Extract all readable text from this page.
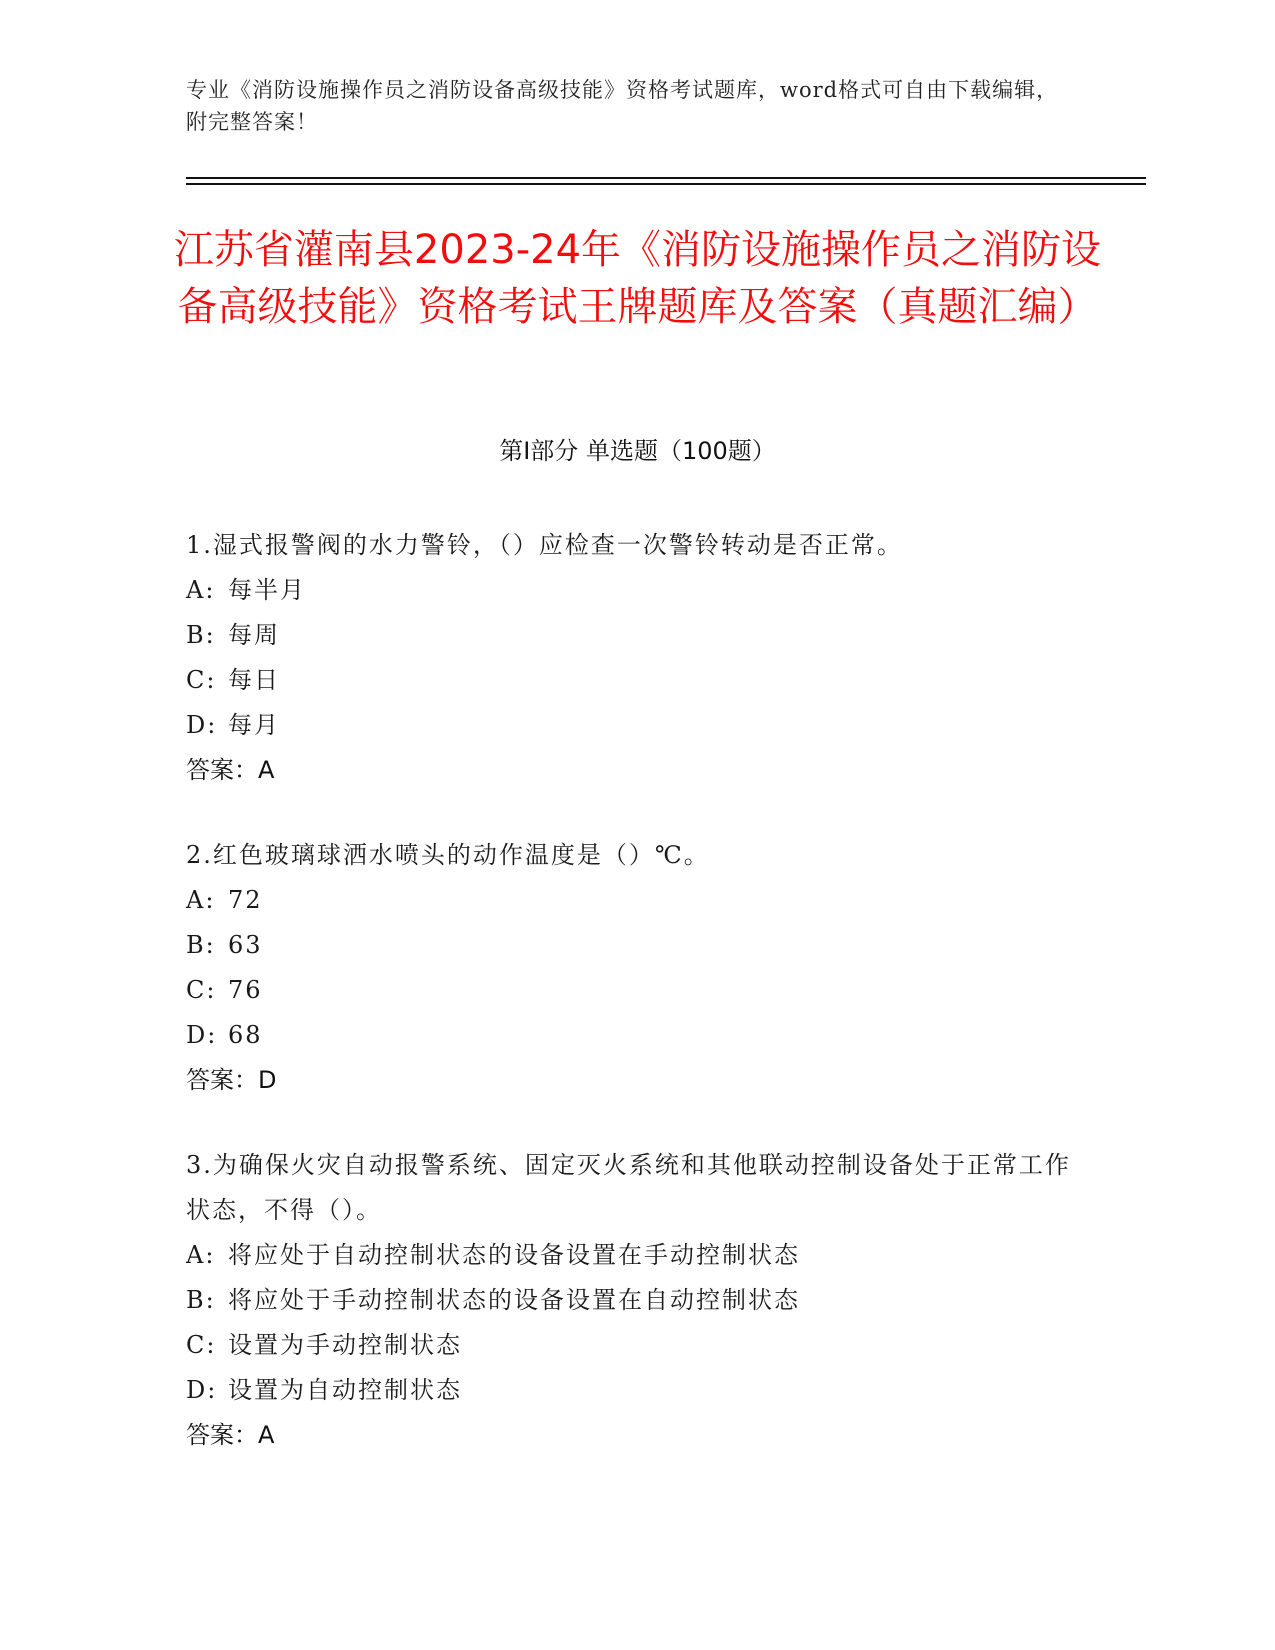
专业《消防设施操作员之消防设备高级技能》资格考试题库，word格式可自由下载编辑，附完整答案！
江苏省灌南县2023-24年《消防设施操作员之消防设备高级技能》资格考试王牌题库及答案（真题汇编）
第I部分 单选题（100题）
1.湿式报警阀的水力警铃，（）应检查一次警铃转动是否正常。
A: 每半月
B: 每周
C: 每日
D: 每月
答案：A
2.红色玻璃球洒水喷头的动作温度是（）℃。
A: 72
B: 63
C: 76
D: 68
答案：D
3.为确保火灾自动报警系统、固定灭火系统和其他联动控制设备处于正常工作状态，不得（）。
A: 将应处于自动控制状态的设备设置在手动控制状态
B: 将应处于手动控制状态的设备设置在自动控制状态
C: 设置为手动控制状态
D: 设置为自动控制状态
答案：A
